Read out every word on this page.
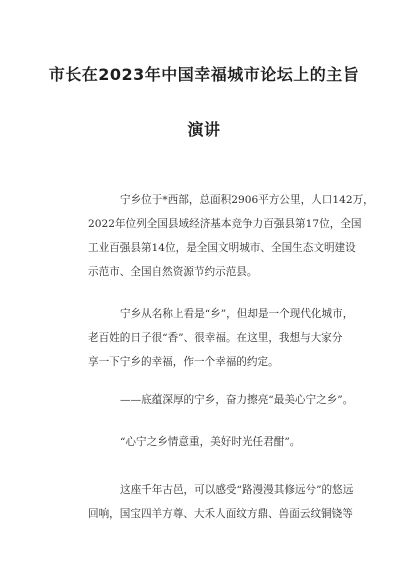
市长在2023年中国幸福城市论坛上的主旨
演讲

宁乡位于*西部，总面积2906平方公里，人口142万，
2022年位列全国县域经济基本竞争力百强县第17位，全国
工业百强县第14位，是全国文明城市、全国生态文明建设
示范市、全国自然资源节约示范县。

宁乡从名称上看是“乡”，但却是一个现代化城市，
老百姓的日子很“香”、很幸福。在这里，我想与大家分
享一下宁乡的幸福，作一个幸福的约定。

——底蕴深厚的宁乡，奋力擦亮“最美心宁之乡”。

“心宁之乡情意重，美好时光任君酣”。

这座千年古邑，可以感受“路漫漫其修远兮”的悠远
回响，国宝四羊方尊、大禾人面纹方鼎、兽面云纹铜铙等
